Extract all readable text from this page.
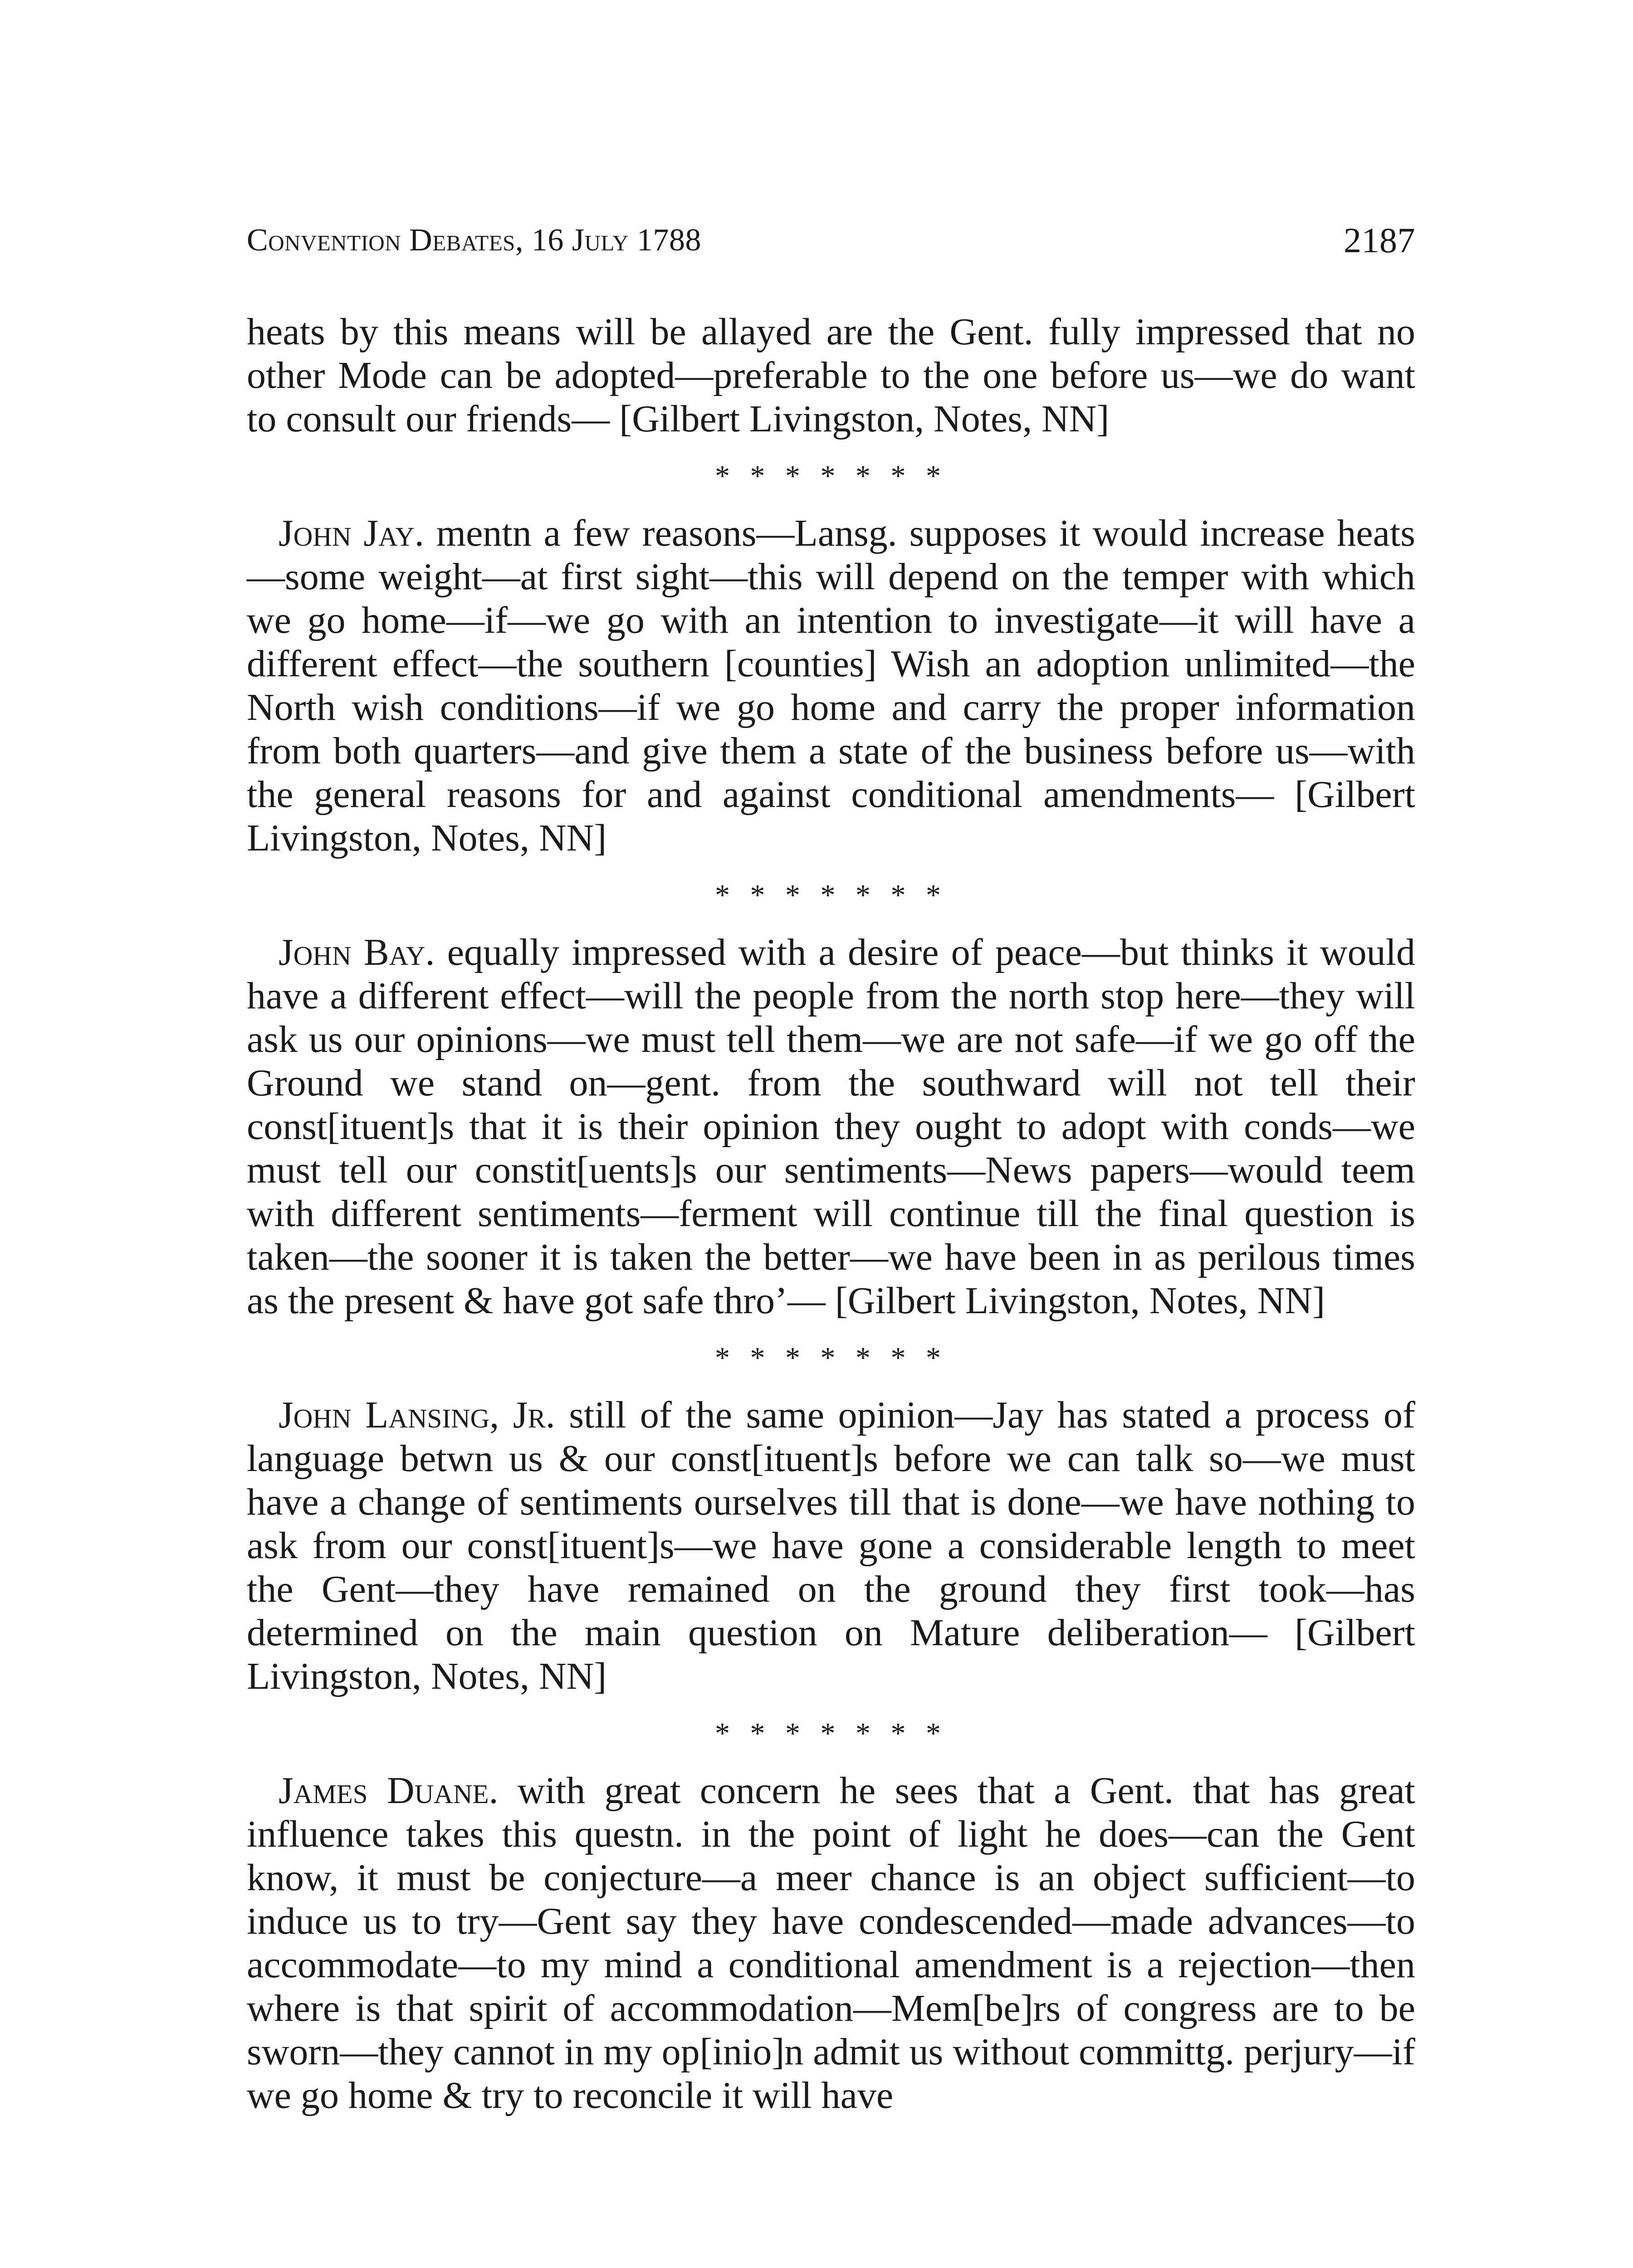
Convention Debates, 16 July 1788	2187

heats by this means will be allayed are the Gent. fully impressed that no other Mode can be adopted—preferable to the one before us—we do want to consult our friends— [Gilbert Livingston, Notes, NN]

* * * * * * *

John Jay. mentn a few reasons—Lansg. supposes it would increase heats—some weight—at first sight—this will depend on the temper with which we go home—if—we go with an intention to investigate—it will have a different effect—the southern [counties] Wish an adoption unlimited—the North wish conditions—if we go home and carry the proper information from both quarters—and give them a state of the business before us—with the general reasons for and against conditional amendments— [Gilbert Livingston, Notes, NN]

* * * * * * *

John Bay. equally impressed with a desire of peace—but thinks it would have a different effect—will the people from the north stop here—they will ask us our opinions—we must tell them—we are not safe—if we go off the Ground we stand on—gent. from the southward will not tell their const[ituent]s that it is their opinion they ought to adopt with conds—we must tell our constit[uents]s our sentiments—News papers—would teem with different sentiments—ferment will continue till the final question is taken—the sooner it is taken the better—we have been in as perilous times as the present & have got safe thro’— [Gilbert Livingston, Notes, NN]

* * * * * * *

John Lansing, Jr. still of the same opinion—Jay has stated a process of language betwn us & our const[ituent]s before we can talk so—we must have a change of sentiments ourselves till that is done—we have nothing to ask from our const[ituent]s—we have gone a considerable length to meet the Gent—they have remained on the ground they first took—has determined on the main question on Mature deliberation— [Gilbert Livingston, Notes, NN]

* * * * * * *

James Duane. with great concern he sees that a Gent. that has great influence takes this questn. in the point of light he does—can the Gent know, it must be conjecture—a meer chance is an object sufficient—to induce us to try—Gent say they have condescended—made advances—to accommodate—to my mind a conditional amendment is a rejection—then where is that spirit of accommodation—Mem[be]rs of congress are to be sworn—they cannot in my op[inio]n admit us without committg. perjury—if we go home & try to reconcile it will have
